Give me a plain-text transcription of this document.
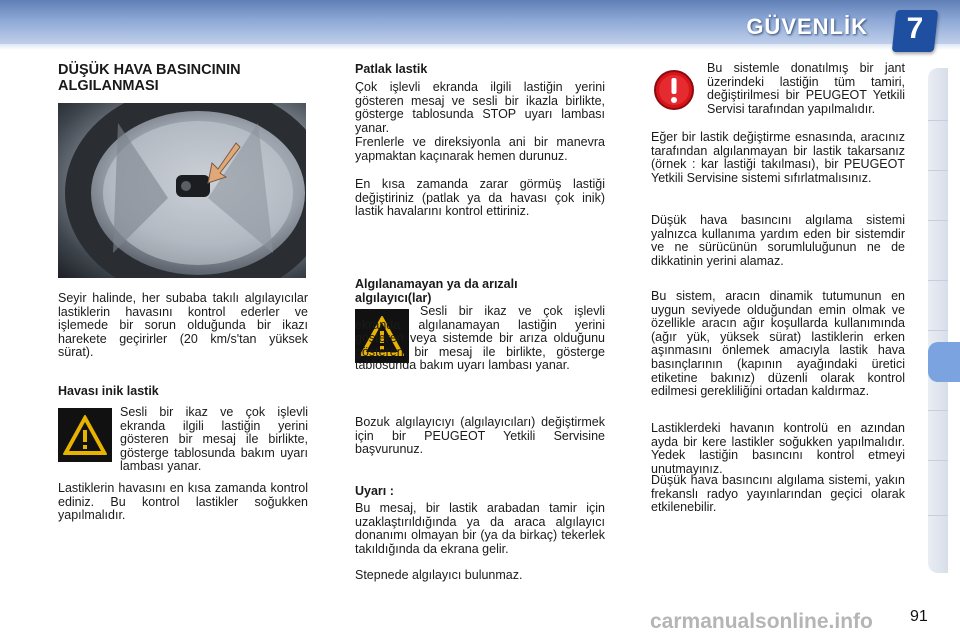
GÜVENLİK	7
DÜŞÜK HAVA BASINCININ ALGILANMASI

Seyir halinde, her subaba takılı algılayıcılar lastiklerin havasını kontrol ederler ve işlemede bir sorun olduğunda bir ikazı harekete geçirirler (20 km/s'tan yüksek sürat).

Havası inik lastik

Sesli bir ikaz ve çok işlevli ekranda ilgili lastiğin yerini gösteren bir mesaj ile birlikte, gösterge tablosunda bakım uyarı lambası yanar.

Lastiklerin havasını en kısa zamanda kontrol ediniz. Bu kontrol lastikler soğukken yapılmalıdır.

Patlak lastik

Çok işlevli ekranda ilgili lastiğin yerini gösteren mesaj ve sesli bir ikazla birlikte, gösterge tablosunda STOP uyarı lambası yanar.

Frenlerle ve direksiyonla ani bir manevra yapmaktan kaçınarak hemen durunuz.

En kısa zamanda zarar görmüş lastiği değiştiriniz (patlak ya da havası çok inik) lastik havalarını kontrol ettiriniz.

Algılanamayan ya da arızalı algılayıcı(lar)

Sesli bir ikaz ve çok işlevli ekranda algılanamayan lastiğin yerini gösteren veya sistemde bir arıza olduğunu gösteren bir mesaj ile birlikte, gösterge tablosunda bakım uyarı lambası yanar.

Bozuk algılayıcıyı (algılayıcıları) değiştirmek için bir PEUGEOT Yetkili Servisine başvurunuz.

Uyarı :

Bu mesaj, bir lastik arabadan tamir için uzaklaştırıldığında ya da araca algılayıcı donanımı olmayan bir (ya da birkaç) tekerlek takıldığında da ekrana gelir.

Stepnede algılayıcı bulunmaz.

Bu sistemle donatılmış bir jant üzerindeki lastiğin tüm tamiri, değiştirilmesi bir PEUGEOT Yetkili Servisi tarafından yapılmalıdır.

Eğer bir lastik değiştirme esnasında, aracınız tarafından algılanmayan bir lastik takarsanız (örnek : kar lastiği takılması), bir PEUGEOT Yetkili Servisine sistemi sıfırlatmalısınız.

Düşük hava basıncını algılama sistemi yalnızca kullanıma yardım eden bir sistemdir ve ne sürücünün sorumluluğunun ne de dikkatinin yerini alamaz.

Bu sistem, aracın dinamik tutumunun en uygun seviyede olduğundan emin olmak ve özellikle aracın ağır koşullarda kullanımında (ağır yük, yüksek sürat) lastiklerin erken aşınmasını önlemek amacıyla lastik hava basınçlarının (kapının ayağındaki üretici etiketine bakınız) düzenli olarak kontrol edilmesi gerekliliğini ortadan kaldırmaz.

Lastiklerdeki havanın kontrolü en azından ayda bir kere lastikler soğukken yapılmalıdır. Yedek lastiğin basıncını kontrol etmeyi unutmayınız.

Düşük hava basıncını algılama sistemi, yakın frekanslı radyo yayınlarından geçici olarak etkilenebilir.

carmanualsonline.info 91
